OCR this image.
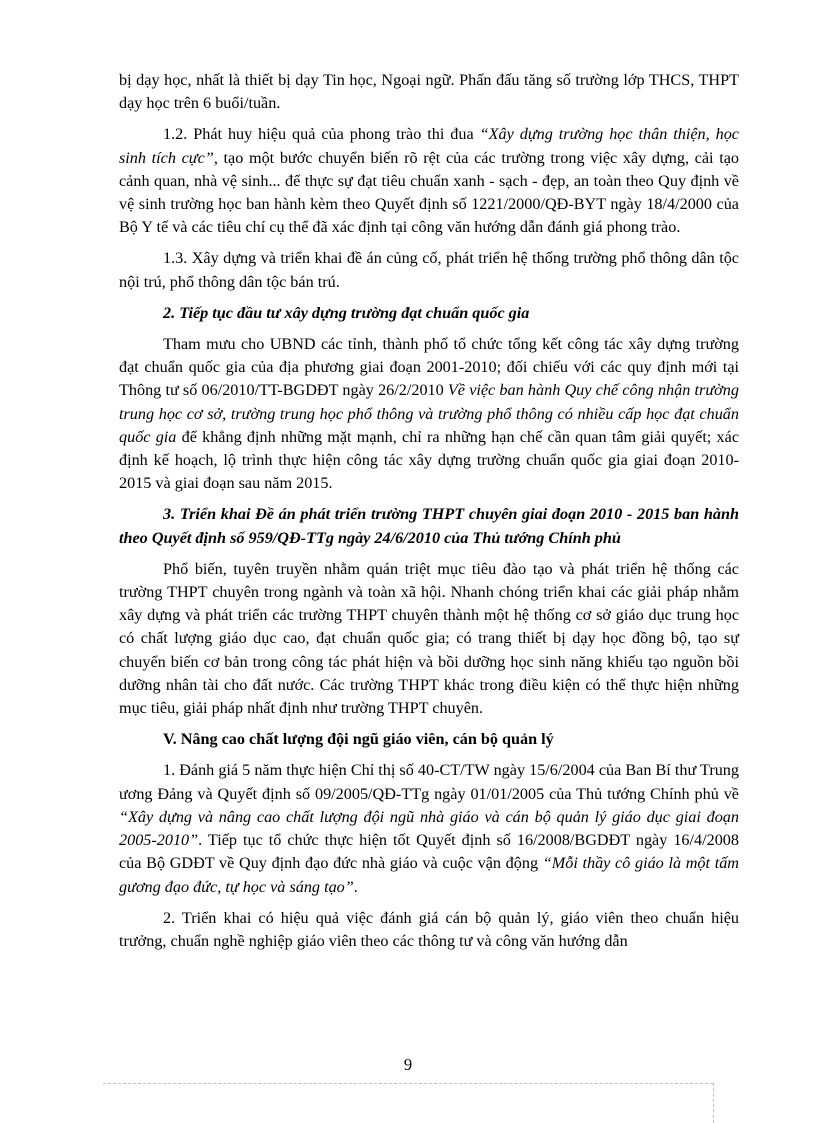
bị dạy học, nhất là thiết bị dạy Tin học, Ngoại ngữ. Phấn đấu tăng số trường lớp THCS, THPT dạy học trên 6 buổi/tuần.

1.2. Phát huy hiệu quả của phong trào thi đua “Xây dựng trường học thân thiện, học sinh tích cực”, tạo một bước chuyển biến rõ rệt của các trường trong việc xây dựng, cải tạo cảnh quan, nhà vệ sinh... để thực sự đạt tiêu chuẩn xanh - sạch - đẹp, an toàn theo Quy định về vệ sinh trường học ban hành kèm theo Quyết định số 1221/2000/QĐ-BYT ngày 18/4/2000 của Bộ Y tế và các tiêu chí cụ thể đã xác định tại công văn hướng dẫn đánh giá phong trào.

1.3. Xây dựng và triển khai đề án củng cố, phát triển hệ thống trường phổ thông dân tộc nội trú, phổ thông dân tộc bán trú.

2. Tiếp tục đầu tư xây dựng trường đạt chuẩn quốc gia

Tham mưu cho UBND các tỉnh, thành phố tổ chức tổng kết công tác xây dựng trường đạt chuẩn quốc gia của địa phương giai đoạn 2001-2010; đối chiếu với các quy định mới tại Thông tư số 06/2010/TT-BGDĐT ngày 26/2/2010 Về việc ban hành Quy chế công nhận trường trung học cơ sở, trường trung học phổ thông và trường phổ thông có nhiều cấp học đạt chuẩn quốc gia để khẳng định những mặt mạnh, chỉ ra những hạn chế cần quan tâm giải quyết; xác định kế hoạch, lộ trình thực hiện công tác xây dựng trường chuẩn quốc gia giai đoạn 2010-2015 và giai đoạn sau năm 2015.

3. Triển khai Đề án phát triển trường THPT chuyên giai đoạn 2010 - 2015 ban hành theo Quyết định số 959/QĐ-TTg ngày 24/6/2010 của Thủ tướng Chính phủ

Phổ biến, tuyên truyền nhằm quán triệt mục tiêu đào tạo và phát triển hệ thống các trường THPT chuyên trong ngành và toàn xã hội. Nhanh chóng triển khai các giải pháp nhằm xây dựng và phát triển các trường THPT chuyên thành một hệ thống cơ sở giáo dục trung học có chất lượng giáo dục cao, đạt chuẩn quốc gia; có trang thiết bị dạy học đồng bộ, tạo sự chuyển biến cơ bản trong công tác phát hiện và bồi dưỡng học sinh năng khiếu tạo nguồn bồi dưỡng nhân tài cho đất nước. Các trường THPT khác trong điều kiện có thể thực hiện những mục tiêu, giải pháp nhất định như trường THPT chuyên.

V. Nâng cao chất lượng đội ngũ giáo viên, cán bộ quản lý

1. Đánh giá 5 năm thực hiện Chỉ thị số 40-CT/TW ngày 15/6/2004 của Ban Bí thư Trung ương Đảng và Quyết định số 09/2005/QĐ-TTg ngày 01/01/2005 của Thủ tướng Chính phủ về “Xây dựng và nâng cao chất lượng đội ngũ nhà giáo và cán bộ quản lý giáo dục giai đoạn 2005-2010”. Tiếp tục tổ chức thực hiện tốt Quyết định số 16/2008/BGDĐT ngày 16/4/2008 của Bộ GDĐT về Quy định đạo đức nhà giáo và cuộc vận động “Mỗi thầy cô giáo là một tấm gương đạo đức, tự học và sáng tạo”.

2. Triển khai có hiệu quả việc đánh giá cán bộ quản lý, giáo viên theo chuẩn hiệu trưởng, chuẩn nghề nghiệp giáo viên theo các thông tư và công văn hướng dẫn

9
